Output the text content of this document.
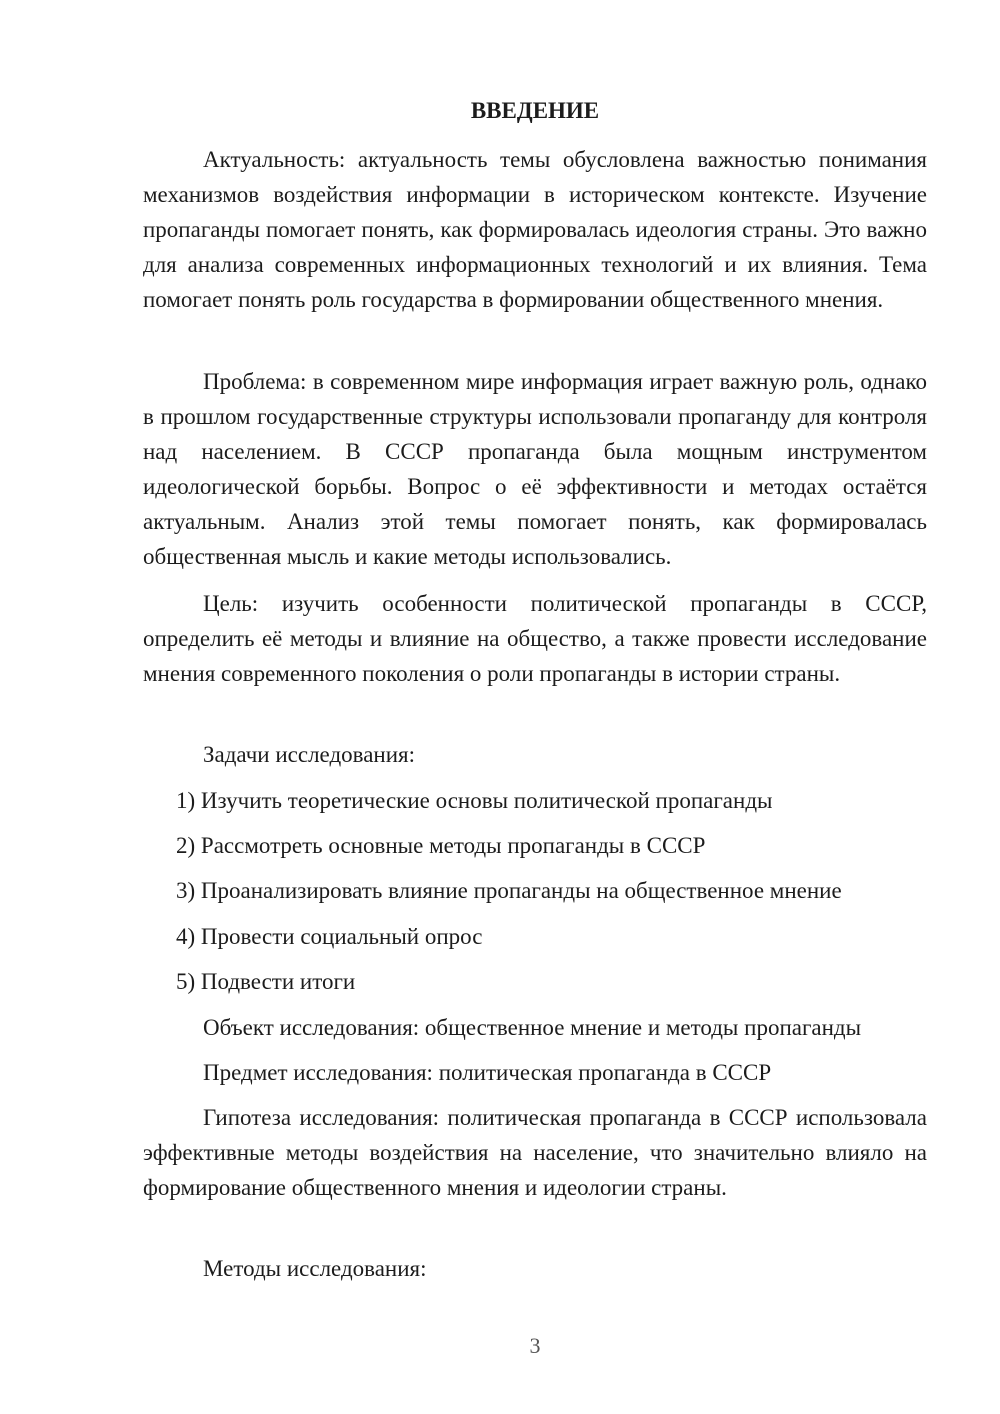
ВВЕДЕНИЕ

Актуальность: актуальность темы обусловлена важностью понимания механизмов воздействия информации в историческом контексте. Изучение пропаганды помогает понять, как формировалась идеология страны. Это важно для анализа современных информационных технологий и их влияния. Тема помогает понять роль государства в формировании общественного мнения.

Проблема: в современном мире информация играет важную роль, однако в прошлом государственные структуры использовали пропаганду для контроля над населением. В СССР пропаганда была мощным инструментом идеологической борьбы. Вопрос о её эффективности и методах остаётся актуальным. Анализ этой темы помогает понять, как формировалась общественная мысль и какие методы использовались.

Цель: изучить особенности политической пропаганды в СССР, определить её методы и влияние на общество, а также провести исследование мнения современного поколения о роли пропаганды в истории страны.

Задачи исследования:

1) Изучить теоретические основы политической пропаганды

2) Рассмотреть основные методы пропаганды в СССР

3) Проанализировать влияние пропаганды на общественное мнение

4) Провести социальный опрос

5) Подвести итоги

Объект исследования: общественное мнение и методы пропаганды

Предмет исследования: политическая пропаганда в СССР

Гипотеза исследования: политическая пропаганда в СССР использовала эффективные методы воздействия на население, что значительно влияло на формирование общественного мнения и идеологии страны.

Методы исследования:

3
